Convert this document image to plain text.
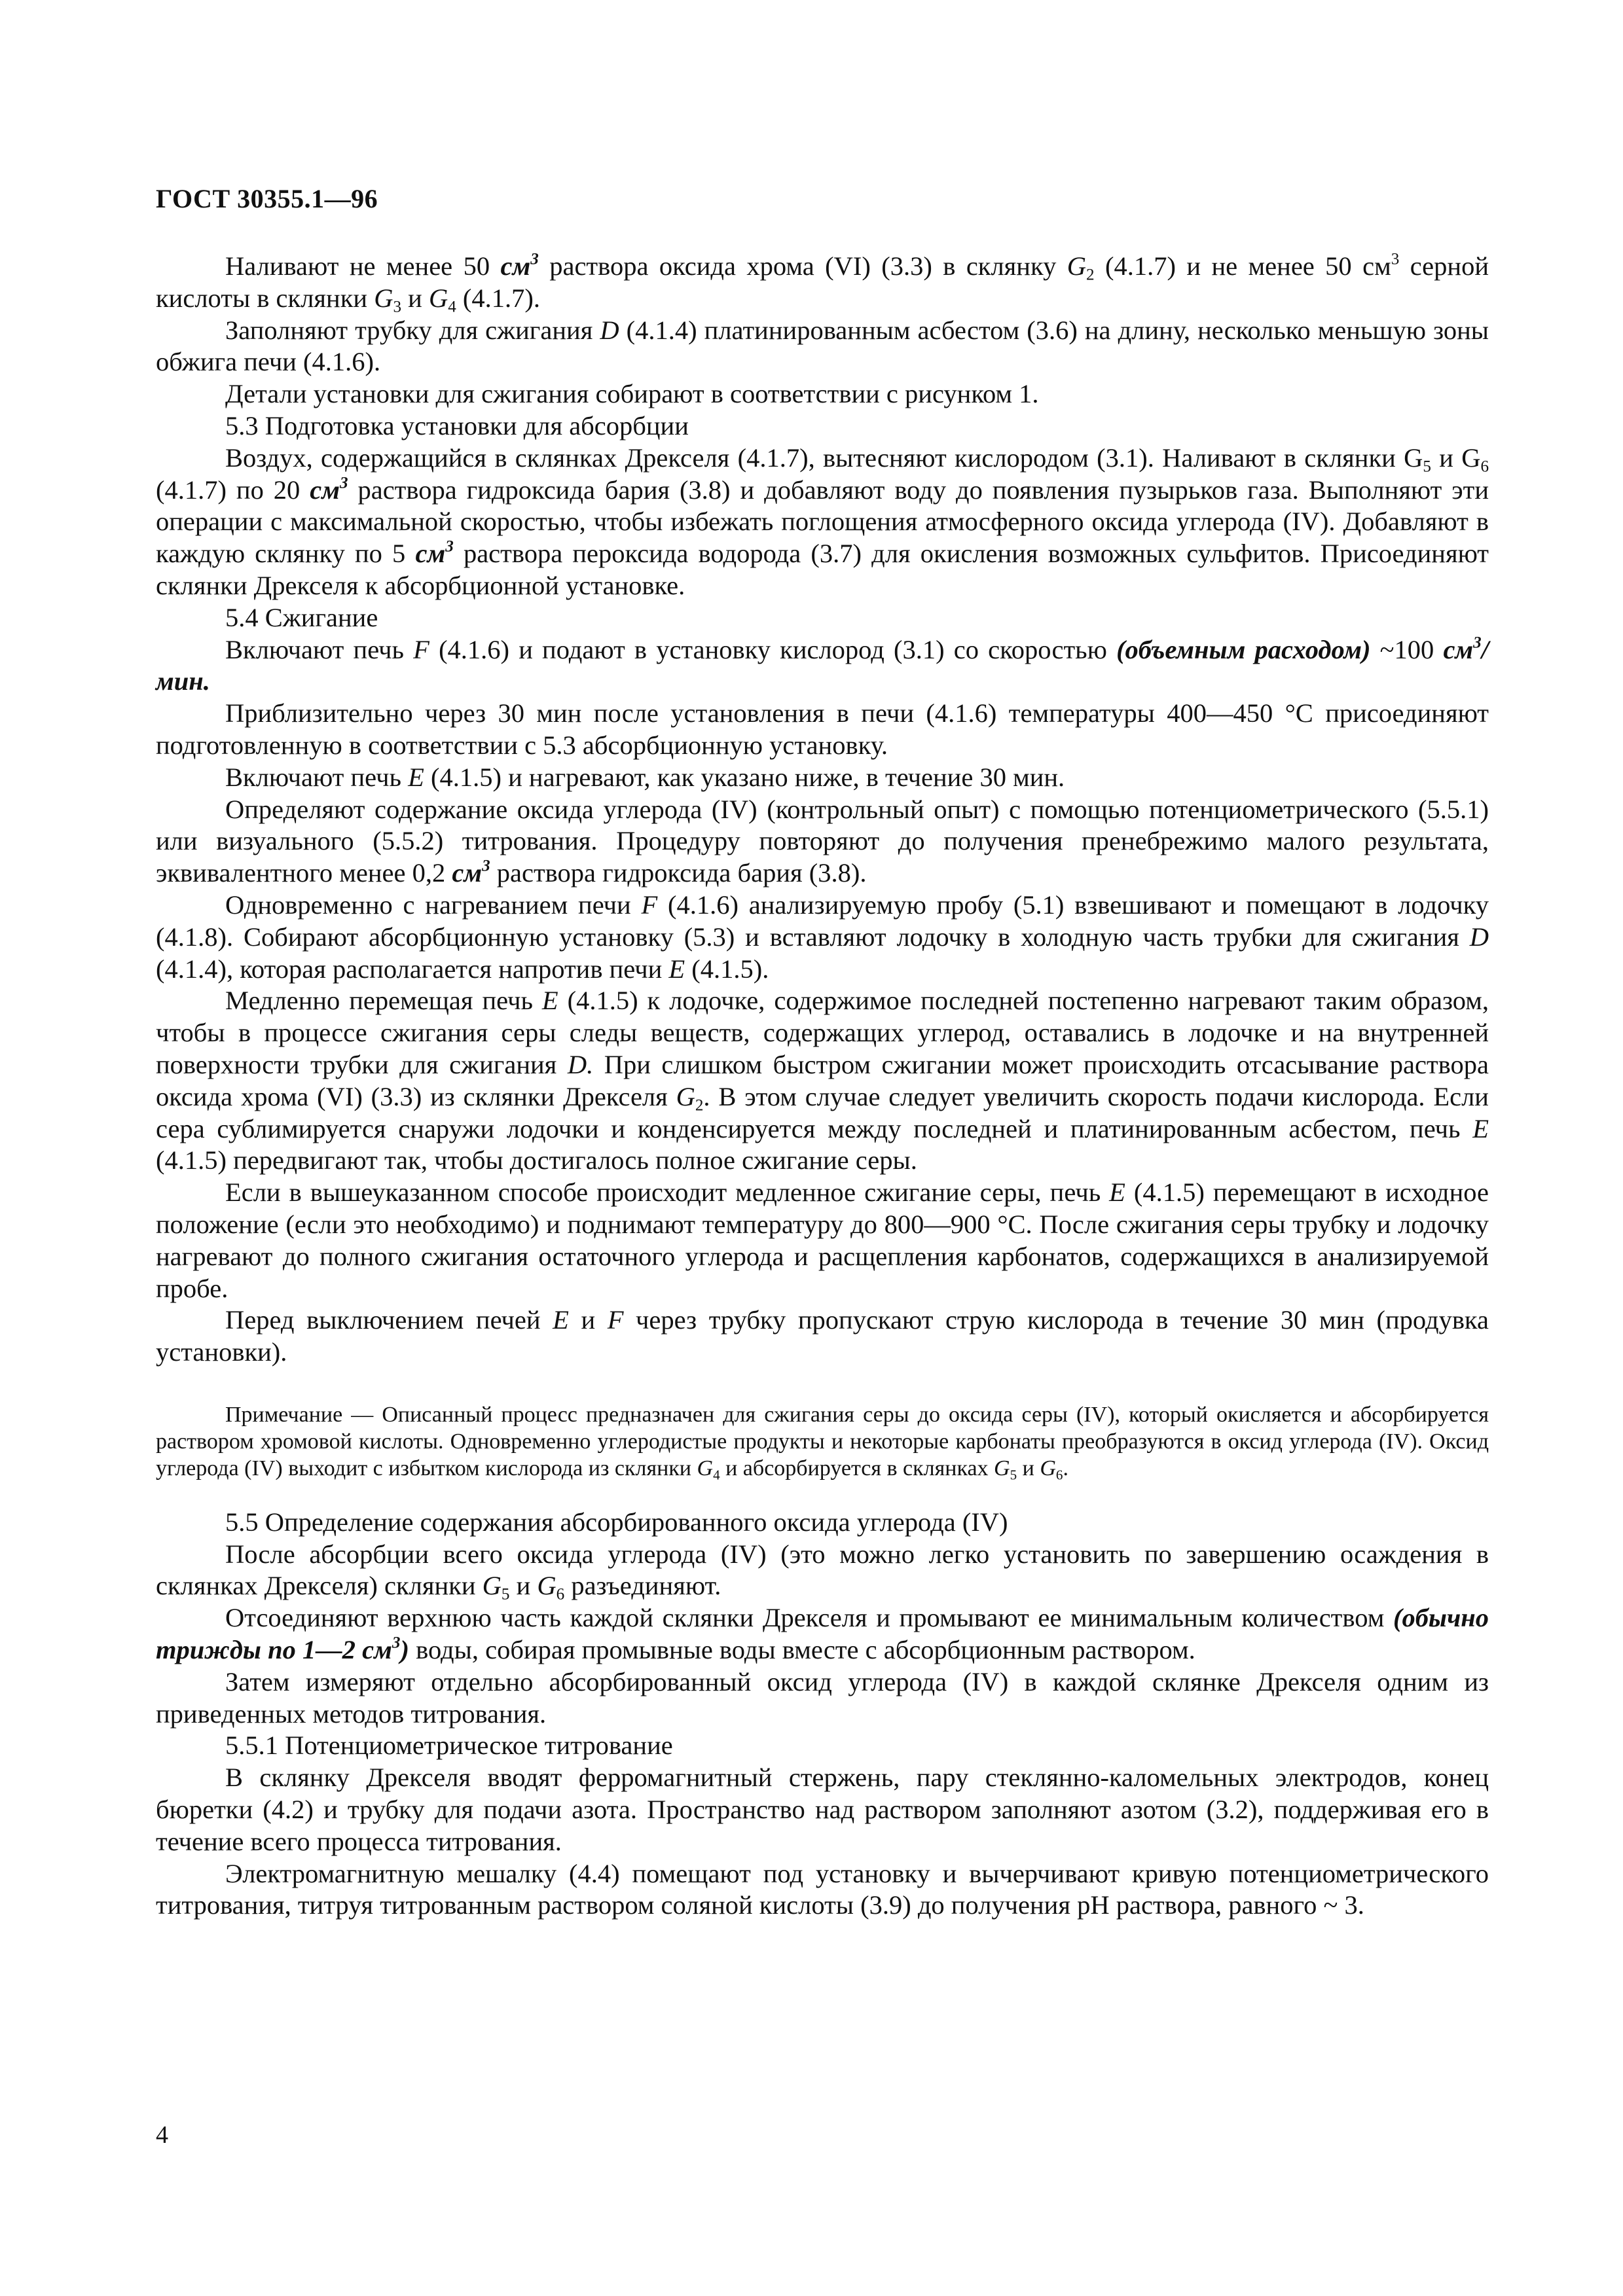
ГОСТ 30355.1—96

Наливают не менее 50 $см^3$ раствора оксида хрома (VI) (3.3) в склянку $G_2$ (4.1.7) и не менее 50 $см^3$ серной кислоты в склянки $G_3$ и $G_4$ (4.1.7).

Заполняют трубку для сжигания D (4.1.4) платинированным асбестом (3.6) на длину, несколько меньшую зоны обжига печи (4.1.6).

Детали установки для сжигания собирают в соответствии с рисунком 1.

5.3 Подготовка установки для абсорбции

Воздух, содержащийся в склянках Дрекселя (4.1.7), вытесняют кислородом (3.1). Наливают в склянки $G_5$ и $G_6$ (4.1.7) по 20 $см^3$ раствора гидроксида бария (3.8) и добавляют воду до появления пузырьков газа. Выполняют эти операции с максимальной скоростью, чтобы избежать поглощения атмосферного оксида углерода (IV). Добавляют в каждую склянку по 5 $см^3$ раствора пероксида водорода (3.7) для окисления возможных сульфитов. Присоединяют склянки Дрекселя к абсорбционной установке.

5.4 Сжигание

Включают печь F (4.1.6) и подают в установку кислород (3.1) со скоростью (объемным расходом) ~100 $см^3$/мин.

Приблизительно через 30 мин после установления в печи (4.1.6) температуры 400—450 °С присоединяют подготовленную в соответствии с 5.3 абсорбционную установку.

Включают печь E (4.1.5) и нагревают, как указано ниже, в течение 30 мин.

Определяют содержание оксида углерода (IV) (контрольный опыт) с помощью потенциометрического (5.5.1) или визуального (5.5.2) титрования. Процедуру повторяют до получения пренебрежимо малого результата, эквивалентного менее 0,2 $см^3$ раствора гидроксида бария (3.8).

Одновременно с нагреванием печи F (4.1.6) анализируемую пробу (5.1) взвешивают и помещают в лодочку (4.1.8). Собирают абсорбционную установку (5.3) и вставляют лодочку в холодную часть трубки для сжигания D (4.1.4), которая располагается напротив печи E (4.1.5).

Медленно перемещая печь E (4.1.5) к лодочке, содержимое последней постепенно нагревают таким образом, чтобы в процессе сжигания серы следы веществ, содержащих углерод, оставались в лодочке и на внутренней поверхности трубки для сжигания D. При слишком быстром сжигании может происходить отсасывание раствора оксида хрома (VI) (3.3) из склянки Дрекселя $G_2$. В этом случае следует увеличить скорость подачи кислорода. Если сера сублимируется снаружи лодочки и конденсируется между последней и платинированным асбестом, печь E (4.1.5) передвигают так, чтобы достигалось полное сжигание серы.

Если в вышеуказанном способе происходит медленное сжигание серы, печь E (4.1.5) перемещают в исходное положение (если это необходимо) и поднимают температуру до 800—900 °С. После сжигания серы трубку и лодочку нагревают до полного сжигания остаточного углерода и расщепления карбонатов, содержащихся в анализируемой пробе.

Перед выключением печей E и F через трубку пропускают струю кислорода в течение 30 мин (продувка установки).

Примечание — Описанный процесс предназначен для сжигания серы до оксида серы (IV), который окисляется и абсорбируется раствором хромовой кислоты. Одновременно углеродистые продукты и некоторые карбонаты преобразуются в оксид углерода (IV). Оксид углерода (IV) выходит с избытком кислорода из склянки $G_4$ и абсорбируется в склянках $G_5$ и $G_6$.

5.5 Определение содержания абсорбированного оксида углерода (IV)

После абсорбции всего оксида углерода (IV) (это можно легко установить по завершению осаждения в склянках Дрекселя) склянки $G_5$ и $G_6$ разъединяют.

Отсоединяют верхнюю часть каждой склянки Дрекселя и промывают ее минимальным количеством (обычно трижды по 1—2 $см^3$) воды, собирая промывные воды вместе с абсорбционным раствором.

Затем измеряют отдельно абсорбированный оксид углерода (IV) в каждой склянке Дрекселя одним из приведенных методов титрования.

5.5.1 Потенциометрическое титрование

В склянку Дрекселя вводят ферромагнитный стержень, пару стеклянно-каломельных электродов, конец бюретки (4.2) и трубку для подачи азота. Пространство над раствором заполняют азотом (3.2), поддерживая его в течение всего процесса титрования.

Электромагнитную мешалку (4.4) помещают под установку и вычерчивают кривую потенциометрического титрования, титруя титрованным раствором соляной кислоты (3.9) до получения pH раствора, равного ~ 3.

4
